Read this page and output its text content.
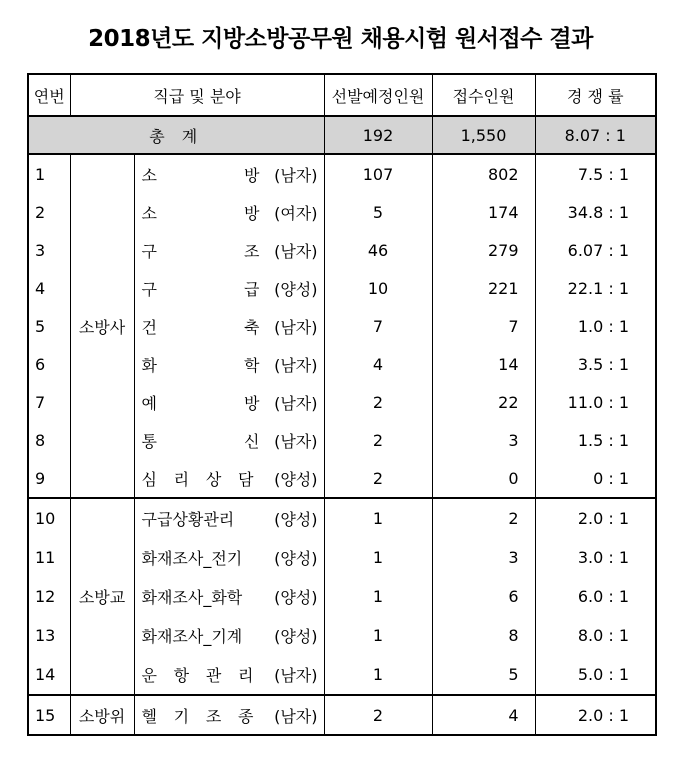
2018년도 지방소방공무원 채용시험 원서접수 결과
연번	직급 및 분야		선발예정인원	접수인원	경 쟁 률
총 계			192	1,550	8.07 : 1
1	소방사	소 방 (남자)	107	802	7.5 : 1
2		소 방 (여자)	5	174	34.8 : 1
3		구 조 (남자)	46	279	6.07 : 1
4		구 급 (양성)	10	221	22.1 : 1
5		건 축 (남자)	7	7	1.0 : 1
6		화 학 (남자)	4	14	3.5 : 1
7		예 방 (남자)	2	22	11.0 : 1
8		통 신 (남자)	2	3	1.5 : 1
9		심 리 상 담 (양성)	2	0	0 : 1
10	소방교	구급상황관리 (양성)	1	2	2.0 : 1
11		화재조사_전기 (양성)	1	3	3.0 : 1
12		화재조사_화학 (양성)	1	6	6.0 : 1
13		화재조사_기계 (양성)	1	8	8.0 : 1
14		운 항 관 리 (남자)	1	5	5.0 : 1
15	소방위	헬 기 조 종 (남자)	2	4	2.0 : 1
